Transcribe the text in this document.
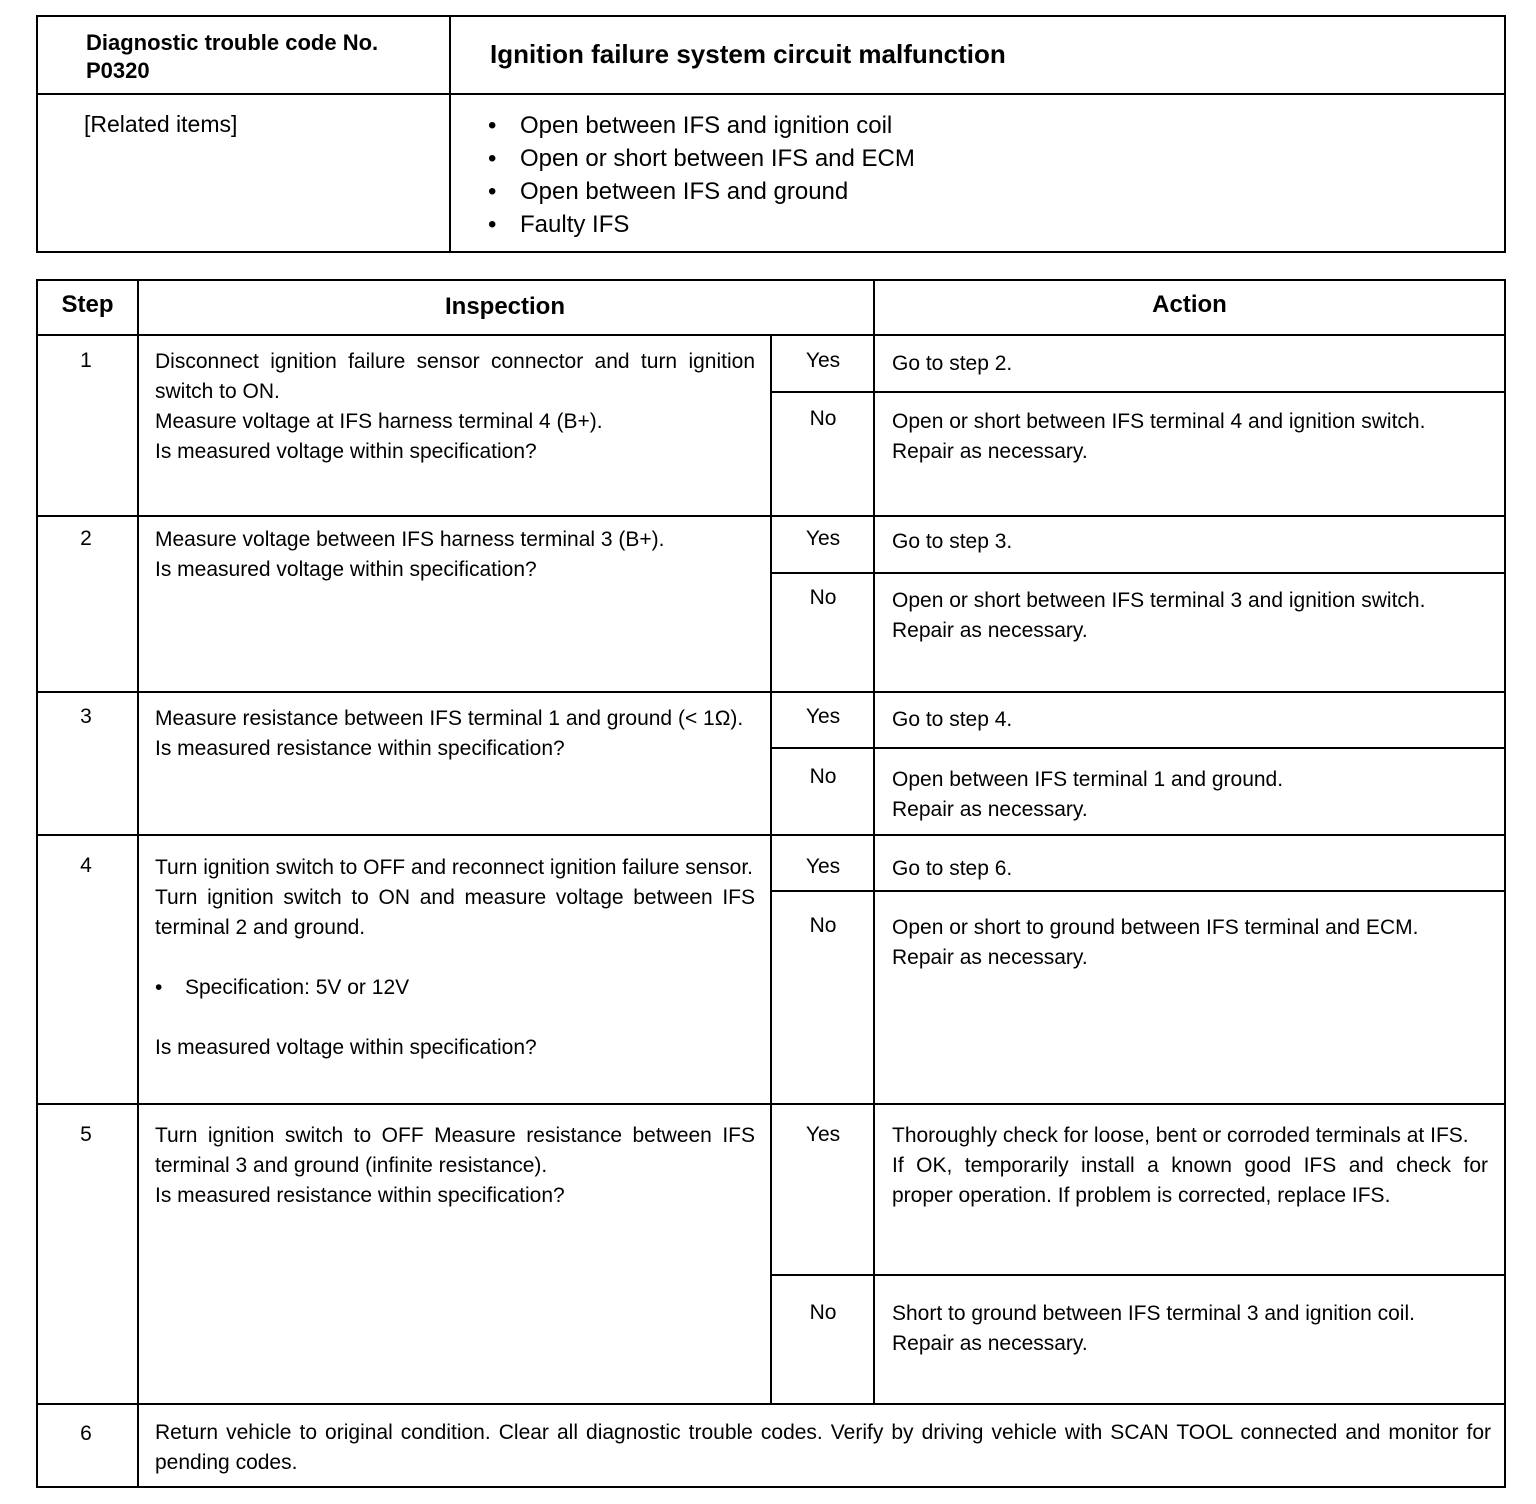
Diagnostic trouble code No. P0320
Ignition failure system circuit malfunction
[Related items]	• Open between IFS and ignition coil
• Open or short between IFS and ECM
• Open between IFS and ground
• Faulty IFS
Step	Inspection	Action
1	Disconnect ignition failure sensor connector and turn ignition switch to ON.
Measure voltage at IFS harness terminal 4 (B+).
Is measured voltage within specification?
Yes	Go to step 2.
No	Open or short between IFS terminal 4 and ignition switch.
Repair as necessary.
2	Measure voltage between IFS harness terminal 3 (B+).
Is measured voltage within specification?
Yes	Go to step 3.
No	Open or short between IFS terminal 3 and ignition switch.
Repair as necessary.
3	Measure resistance between IFS terminal 1 and ground (< 1Ω).
Is measured resistance within specification?
Yes	Go to step 4.
No	Open between IFS terminal 1 and ground.
Repair as necessary.
4	Turn ignition switch to OFF and reconnect ignition failure sensor.
Turn ignition switch to ON and measure voltage between IFS terminal 2 and ground.
• Specification: 5V or 12V
Is measured voltage within specification?
Yes	Go to step 6.
No	Open or short to ground between IFS terminal and ECM.
Repair as necessary.
5	Turn ignition switch to OFF Measure resistance between IFS terminal 3 and ground (infinite resistance).
Is measured resistance within specification?
Yes	Thoroughly check for loose, bent or corroded terminals at IFS.
If OK, temporarily install a known good IFS and check for proper operation. If problem is corrected, replace IFS.
No	Short to ground between IFS terminal 3 and ignition coil.
Repair as necessary.
6	Return vehicle to original condition. Clear all diagnostic trouble codes. Verify by driving vehicle with SCAN TOOL connected and monitor for pending codes.
